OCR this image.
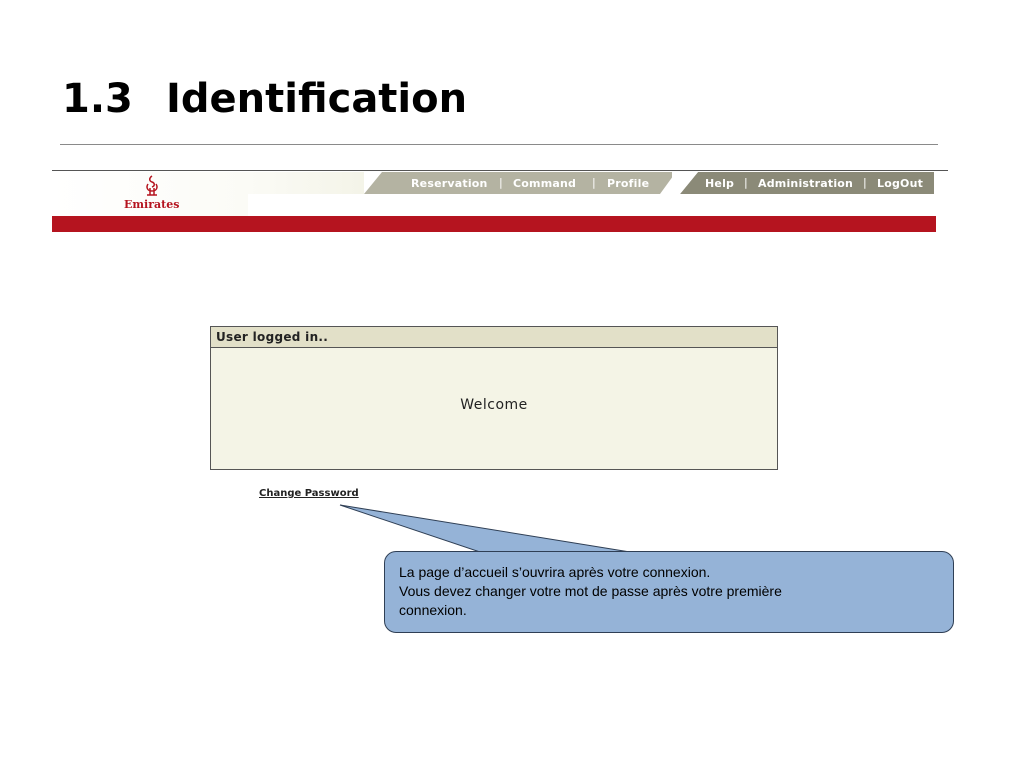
1.3 Identification
Emirates
Reservation | Command | Profile	Help | Administration | LogOut
User logged in..
Welcome
Change Password
La page d’accueil s’ouvrira après votre connexion.
Vous devez changer votre mot de passe après votre première
connexion.
